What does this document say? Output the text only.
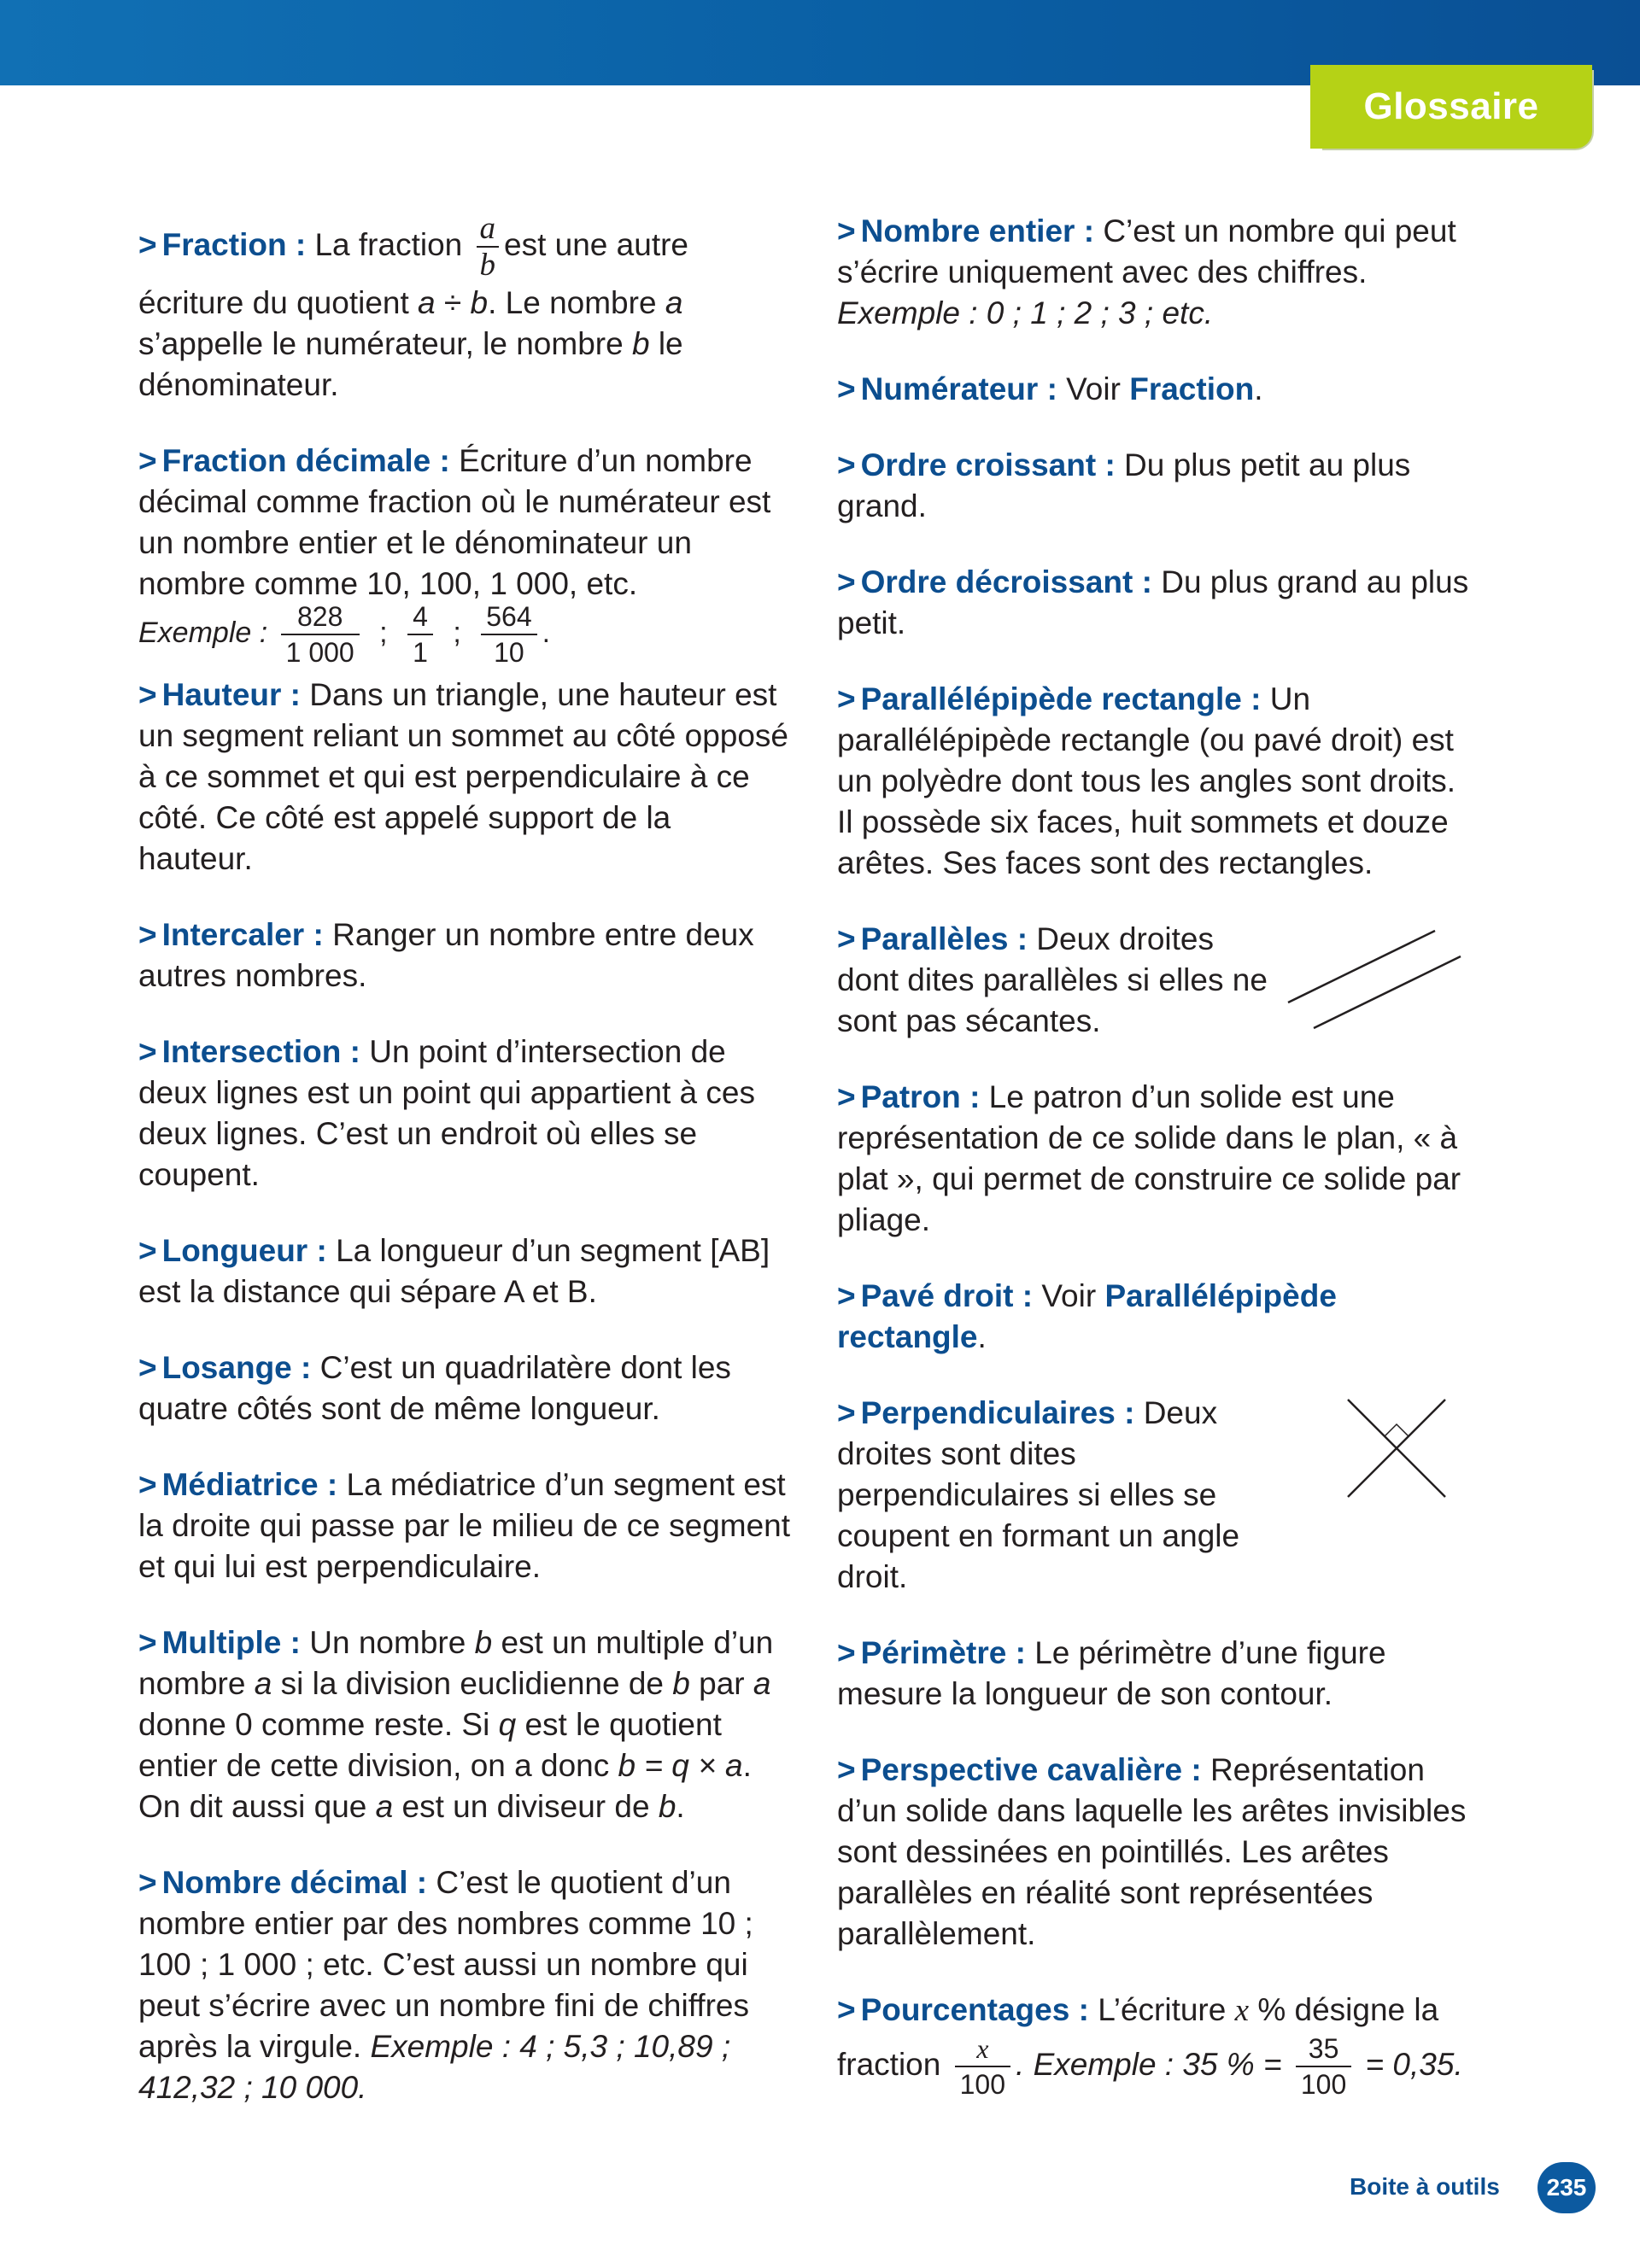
Glossaire
> Fraction : La fraction $\frac{a}{b}$ est une autre écriture du quotient a ÷ b. Le nombre a s’appelle le numérateur, le nombre b le dénominateur.
> Fraction décimale : Écriture d’un nombre décimal comme fraction où le numérateur est un nombre entier et le dénominateur un nombre comme 10, 100, 1 000, etc.
Exemple : $\frac{828}{1 000}$ ; $\frac{4}{1}$ ; $\frac{564}{10}$ .
> Hauteur : Dans un triangle, une hauteur est un segment reliant un sommet au côté opposé à ce sommet et qui est perpendiculaire à ce côté. Ce côté est appelé support de la hauteur.
> Intercaler : Ranger un nombre entre deux autres nombres.
> Intersection : Un point d’intersection de deux lignes est un point qui appartient à ces deux lignes. C’est un endroit où elles se coupent.
> Longueur : La longueur d’un segment [AB] est la distance qui sépare A et B.
> Losange : C’est un quadrilatère dont les quatre côtés sont de même longueur.
> Médiatrice : La médiatrice d’un segment est la droite qui passe par le milieu de ce segment et qui lui est perpendiculaire.
> Multiple : Un nombre b est un multiple d’un nombre a si la division euclidienne de b par a donne 0 comme reste. Si q est le quotient entier de cette division, on a donc b = q × a. On dit aussi que a est un diviseur de b.
> Nombre décimal : C’est le quotient d’un nombre entier par des nombres comme 10 ; 100 ; 1 000 ; etc. C’est aussi un nombre qui peut s’écrire avec un nombre fini de chiffres après la virgule. Exemple : 4 ; 5,3 ; 10,89 ; 412,32 ; 10 000.
> Nombre entier : C’est un nombre qui peut s’écrire uniquement avec des chiffres.
Exemple : 0 ; 1 ; 2 ; 3 ; etc.
> Numérateur : Voir Fraction.
> Ordre croissant : Du plus petit au plus grand.
> Ordre décroissant : Du plus grand au plus petit.
> Parallélépipède rectangle : Un parallélépipède rectangle (ou pavé droit) est un polyèdre dont tous les angles sont droits.
Il possède six faces, huit sommets et douze arêtes. Ses faces sont des rectangles.
> Parallèles : Deux droites dont dites parallèles si elles ne sont pas sécantes.
> Patron : Le patron d’un solide est une représentation de ce solide dans le plan, « à plat », qui permet de construire ce solide par pliage.
> Pavé droit : Voir Parallélépipède rectangle.
> Perpendiculaires : Deux droites sont dites perpendiculaires si elles se coupent en formant un angle droit.
> Périmètre : Le périmètre d’une figure mesure la longueur de son contour.
> Perspective cavalière : Représentation d’un solide dans laquelle les arêtes invisibles sont dessinées en pointillés. Les arêtes parallèles en réalité sont représentées parallèlement.
> Pourcentages : L’écriture x % désigne la fraction $\frac{x}{100}$ . Exemple : 35 % = $\frac{35}{100} = 0,35$.
Boite à outils	235
